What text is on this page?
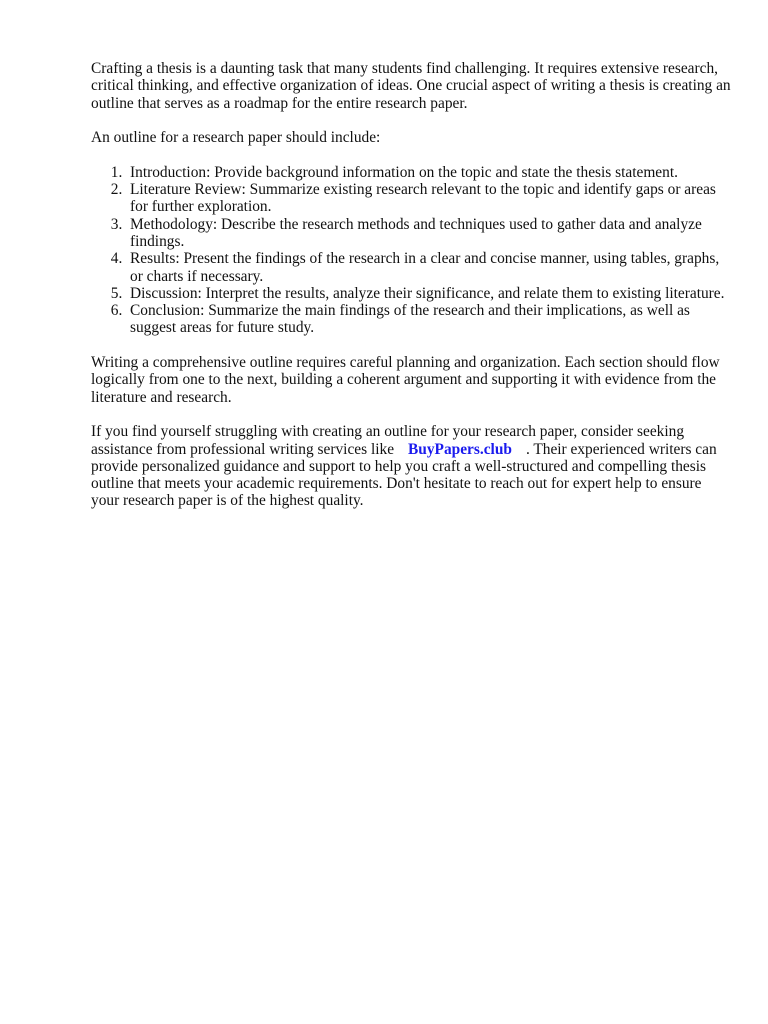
Crafting a thesis is a daunting task that many students find challenging. It requires extensive research, critical thinking, and effective organization of ideas. One crucial aspect of writing a thesis is creating an outline that serves as a roadmap for the entire research paper.

An outline for a research paper should include:

1. Introduction: Provide background information on the topic and state the thesis statement.
2. Literature Review: Summarize existing research relevant to the topic and identify gaps or areas for further exploration.
3. Methodology: Describe the research methods and techniques used to gather data and analyze findings.
4. Results: Present the findings of the research in a clear and concise manner, using tables, graphs, or charts if necessary.
5. Discussion: Interpret the results, analyze their significance, and relate them to existing literature.
6. Conclusion: Summarize the main findings of the research and their implications, as well as suggest areas for future study.

Writing a comprehensive outline requires careful planning and organization. Each section should flow logically from one to the next, building a coherent argument and supporting it with evidence from the literature and research.

If you find yourself struggling with creating an outline for your research paper, consider seeking assistance from professional writing services like BuyPapers.club . Their experienced writers can provide personalized guidance and support to help you craft a well-structured and compelling thesis outline that meets your academic requirements. Don't hesitate to reach out for expert help to ensure your research paper is of the highest quality.
